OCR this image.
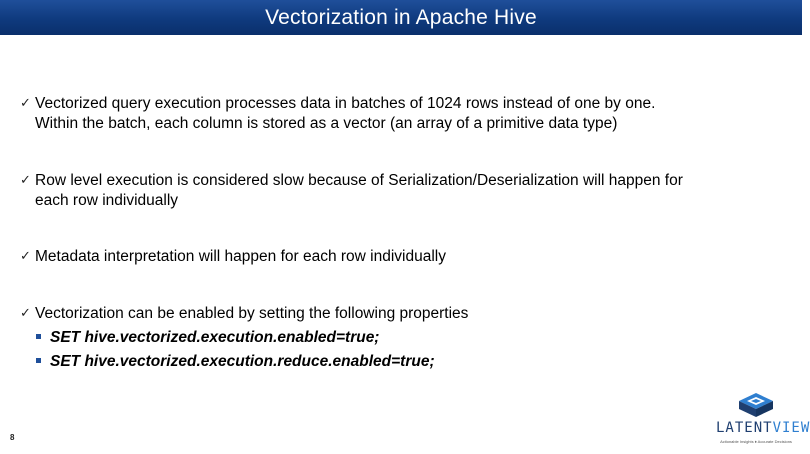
Vectorization in Apache Hive
✓ Vectorized query execution processes data in batches of 1024 rows instead of one by one.
Within the batch, each column is stored as a vector (an array of a primitive data type)
✓ Row level execution is considered slow because of Serialization/Deserialization will happen for
each row individually
✓ Metadata interpretation will happen for each row individually
✓ Vectorization can be enabled by setting the following properties
SET hive.vectorized.execution.enabled=true;
SET hive.vectorized.execution.reduce.enabled=true;
8
LATENTVIEW
Actionable Insights ♦ Accurate Decisions
